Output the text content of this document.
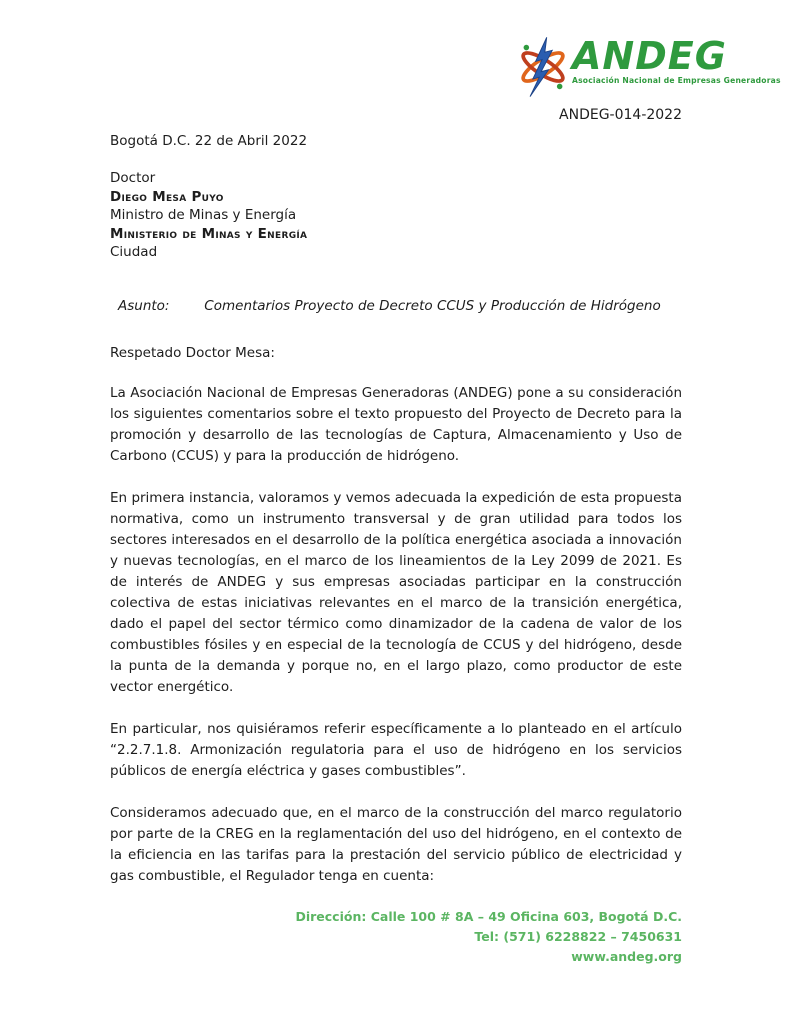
ANDEG
Asociación Nacional de Empresas Generadoras
ANDEG-014-2022
Bogotá D.C. 22 de Abril 2022
Doctor
Diego Mesa Puyo
Ministro de Minas y Energía
Ministerio de Minas y Energía
Ciudad
Asunto:	Comentarios Proyecto de Decreto CCUS y Producción de Hidrógeno
Respetado Doctor Mesa:

La Asociación Nacional de Empresas Generadoras (ANDEG) pone a su consideración los siguientes comentarios sobre el texto propuesto del Proyecto de Decreto para la promoción y desarrollo de las tecnologías de Captura, Almacenamiento y Uso de Carbono (CCUS) y para la producción de hidrógeno.

En primera instancia, valoramos y vemos adecuada la expedición de esta propuesta normativa, como un instrumento transversal y de gran utilidad para todos los sectores interesados en el desarrollo de la política energética asociada a innovación y nuevas tecnologías, en el marco de los lineamientos de la Ley 2099 de 2021. Es de interés de ANDEG y sus empresas asociadas participar en la construcción colectiva de estas iniciativas relevantes en el marco de la transición energética, dado el papel del sector térmico como dinamizador de la cadena de valor de los combustibles fósiles y en especial de la tecnología de CCUS y del hidrógeno, desde la punta de la demanda y porque no, en el largo plazo, como productor de este vector energético.

En particular, nos quisiéramos referir específicamente a lo planteado en el artículo “2.2.7.1.8. Armonización regulatoria para el uso de hidrógeno en los servicios públicos de energía eléctrica y gases combustibles”.

Consideramos adecuado que, en el marco de la construcción del marco regulatorio por parte de la CREG en la reglamentación del uso del hidrógeno, en el contexto de la eficiencia en las tarifas para la prestación del servicio público de electricidad y gas combustible, el Regulador tenga en cuenta:

Dirección: Calle 100 # 8A – 49 Oficina 603, Bogotá D.C.
Tel: (571) 6228822 – 7450631
www.andeg.org
